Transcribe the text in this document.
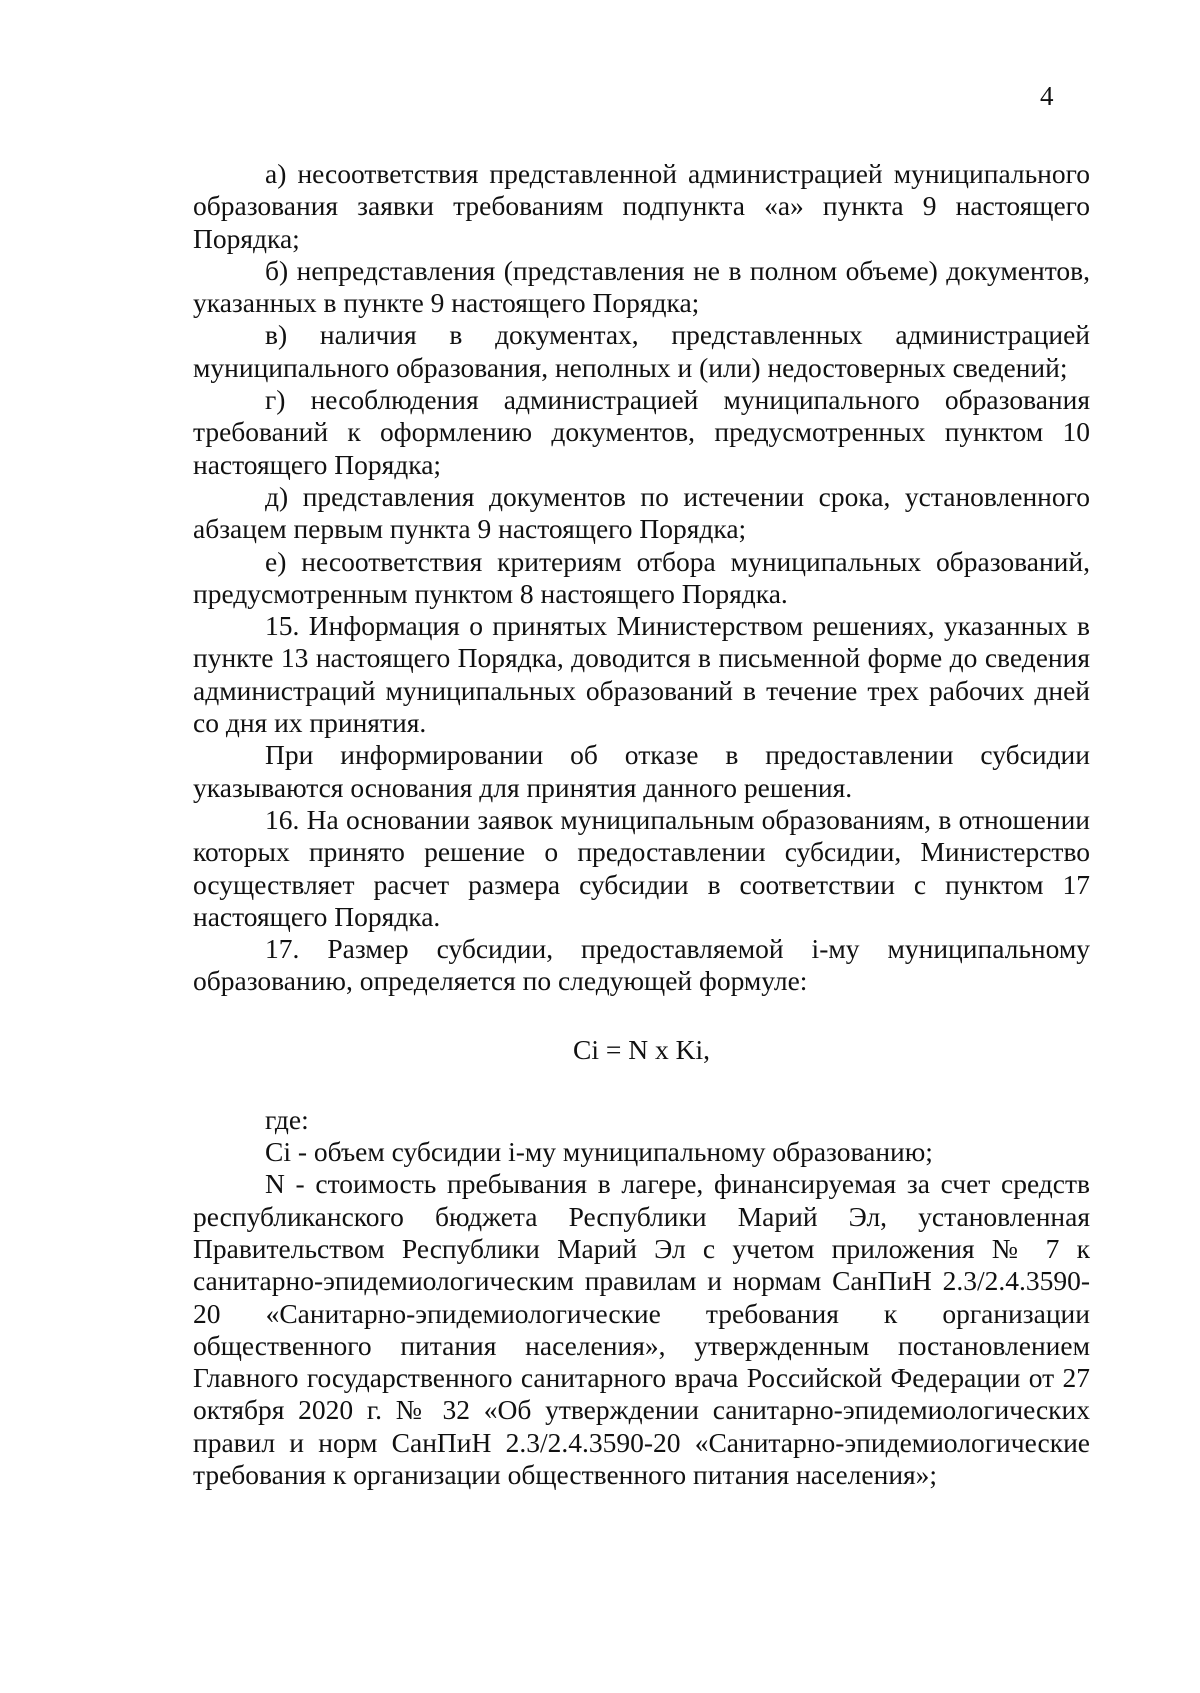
4

а) несоответствия представленной администрацией муниципального образования заявки требованиям подпункта «а» пункта 9 настоящего Порядка;

б) непредставления (представления не в полном объеме) документов, указанных в пункте 9 настоящего Порядка;

в) наличия в документах, представленных администрацией муниципального образования, неполных и (или) недостоверных сведений;

г) несоблюдения администрацией муниципального образования требований к оформлению документов, предусмотренных пунктом 10 настоящего Порядка;

д) представления документов по истечении срока, установленного абзацем первым пункта 9 настоящего Порядка;

е) несоответствия критериям отбора муниципальных образований, предусмотренным пунктом 8 настоящего Порядка.

15. Информация о принятых Министерством решениях, указанных в пункте 13 настоящего Порядка, доводится в письменной форме до сведения администраций муниципальных образований в течение трех рабочих дней со дня их принятия.

При информировании об отказе в предоставлении субсидии указываются основания для принятия данного решения.

16. На основании заявок муниципальным образованиям, в отношении которых принято решение о предоставлении субсидии, Министерство осуществляет расчет размера субсидии в соответствии с пунктом 17 настоящего Порядка.

17. Размер субсидии, предоставляемой i-му муниципальному образованию, определяется по следующей формуле:

Ci = N x Ki,

где:

Ci - объем субсидии i-му муниципальному образованию;

N - стоимость пребывания в лагере, финансируемая за счет средств республиканского бюджета Республики Марий Эл, установленная Правительством Республики Марий Эл с учетом приложения № 7 к санитарно-эпидемиологическим правилам и нормам СанПиН 2.3/2.4.3590-20 «Санитарно-эпидемиологические требования к организации общественного питания населения», утвержденным постановлением Главного государственного санитарного врача Российской Федерации от 27 октября 2020 г. № 32 «Об утверждении санитарно-эпидемиологических правил и норм СанПиН 2.3/2.4.3590-20 «Санитарно-эпидемиологические требования к организации общественного питания населения»;
